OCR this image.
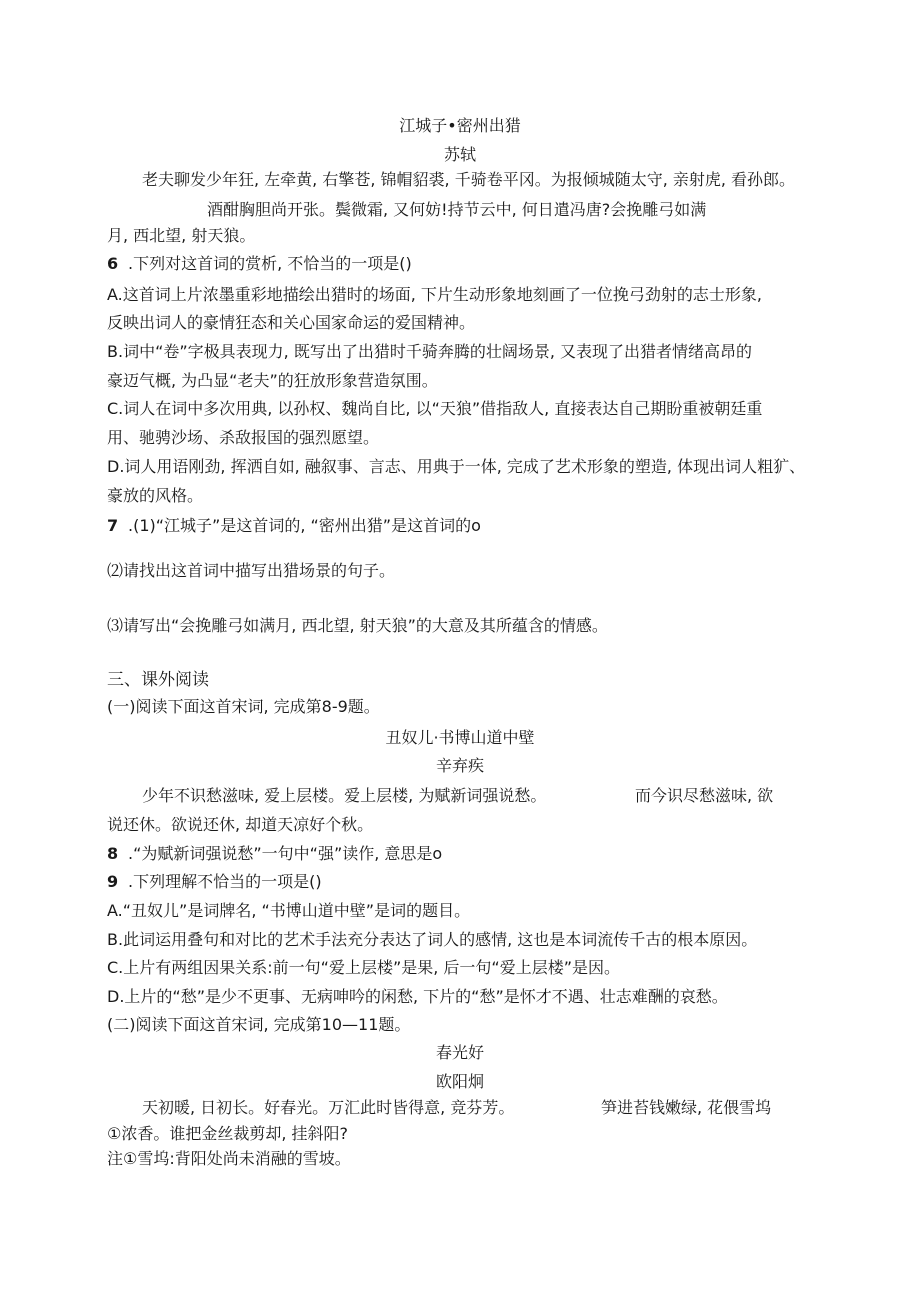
江城子•密州出猎
苏轼
老夫聊发少年狂, 左牵黄, 右擎苍, 锦帽貂裘, 千骑卷平冈。为报倾城随太守, 亲射虎, 看孙郎。
酒酣胸胆尚开张。鬓微霜, 又何妨!持节云中, 何日遣冯唐?会挽雕弓如满
月, 西北望, 射天狼。
6 .下列对这首词的赏析, 不恰当的一项是()
A.这首词上片浓墨重彩地描绘出猎时的场面, 下片生动形象地刻画了一位挽弓劲射的志士形象,
反映出词人的豪情狂态和关心国家命运的爱国精神。
B.词中“卷”字极具表现力, 既写出了出猎时千骑奔腾的壮阔场景, 又表现了出猎者情绪高昂的
豪迈气概, 为凸显“老夫”的狂放形象营造氛围。
C.词人在词中多次用典, 以孙权、魏尚自比, 以“天狼”借指敌人, 直接表达自己期盼重被朝廷重
用、驰骋沙场、杀敌报国的强烈愿望。
D.词人用语刚劲, 挥洒自如, 融叙事、言志、用典于一体, 完成了艺术形象的塑造, 体现出词人粗犷、
豪放的风格。
7 .(1)“江城子”是这首词的, “密州出猎”是这首词的o
⑵请找出这首词中描写出猎场景的句子。
⑶请写出“会挽雕弓如满月, 西北望, 射天狼”的大意及其所蕴含的情感。
三、课外阅读
(一)阅读下面这首宋词, 完成第8-9题。
丑奴儿·书博山道中壁
辛弃疾
少年不识愁滋味, 爱上层楼。爱上层楼, 为赋新词强说愁。	而今识尽愁滋味, 欲
说还休。欲说还休, 却道天凉好个秋。
8 .“为赋新词强说愁”一句中“强”读作, 意思是o
9 .下列理解不恰当的一项是()
A.“丑奴儿”是词牌名, “书博山道中壁”是词的题目。
B.此词运用叠句和对比的艺术手法充分表达了词人的感情, 这也是本词流传千古的根本原因。
C.上片有两组因果关系:前一句“爱上层楼”是果, 后一句“爱上层楼”是因。
D.上片的“愁”是少不更事、无病呻吟的闲愁, 下片的“愁”是怀才不遇、壮志难酬的哀愁。
(二)阅读下面这首宋词, 完成第10—11题。
春光好
欧阳炯
天初暖, 日初长。好春光。万汇此时皆得意, 竞芬芳。	笋进苔钱嫩绿, 花偎雪坞
①浓香。谁把金丝裁剪却, 挂斜阳?
注①雪坞:背阳处尚未消融的雪坡。
